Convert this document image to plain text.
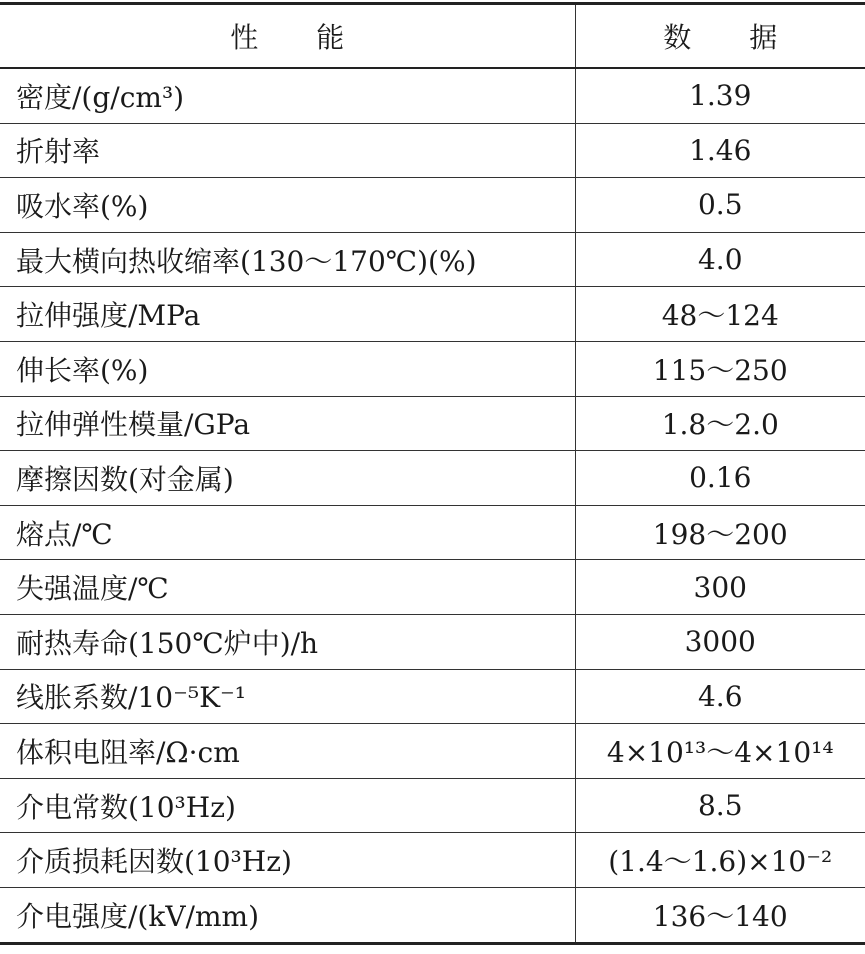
性能	数据
密度/(g/cm³)	1.39
折射率	1.46
吸水率(%)	0.5
最大横向热收缩率(130～170℃)(%)	4.0
拉伸强度/MPa	48～124
伸长率(%)	115～250
拉伸弹性模量/GPa	1.8～2.0
摩擦因数(对金属)	0.16
熔点/℃	198～200
失强温度/℃	300
耐热寿命(150℃炉中)/h	3000
线胀系数/10⁻⁵K⁻¹	4.6
体积电阻率/Ω·cm	4×10¹³～4×10¹⁴
介电常数(10³Hz)	8.5
介质损耗因数(10³Hz)	(1.4～1.6)×10⁻²
介电强度/(kV/mm)	136～140
